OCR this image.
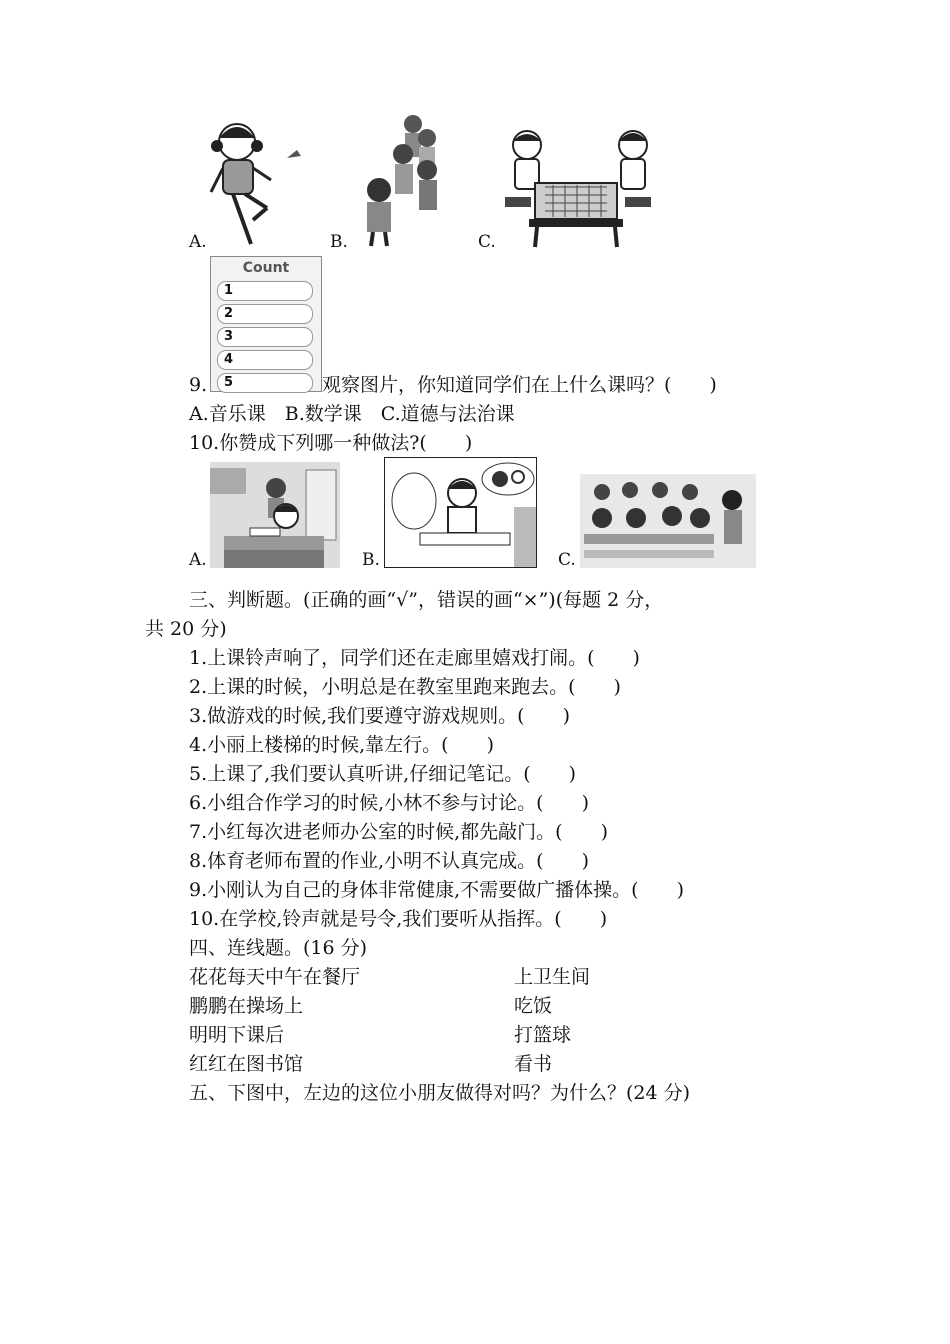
A.	B.	C.
Count
1
2
3
4
5
9.	观察图片，你知道同学们在上什么课吗？(　　)
A.音乐课　B.数学课　C.道德与法治课
10.你赞成下列哪一种做法?(　　)
A.	B.	C.
三、判断题。(正确的画“√”，错误的画“×”)(每题 2 分，
共 20 分)
1.上课铃声响了，同学们还在走廊里嬉戏打闹。(　　)
2.上课的时候，小明总是在教室里跑来跑去。(　　)
3.做游戏的时候,我们要遵守游戏规则。(　　)
4.小丽上楼梯的时候,靠左行。(　　)
5.上课了,我们要认真听讲,仔细记笔记。(　　)
6.小组合作学习的时候,小林不参与讨论。(　　)
7.小红每次进老师办公室的时候,都先敲门。(　　)
8.体育老师布置的作业,小明不认真完成。(　　)
9.小刚认为自己的身体非常健康,不需要做广播体操。(　　)
10.在学校,铃声就是号令,我们要听从指挥。(　　)
四、连线题。(16 分)
花花每天中午在餐厅	上卫生间
鹏鹏在操场上	吃饭
明明下课后	打篮球
红红在图书馆	看书
五、下图中，左边的这位小朋友做得对吗？为什么？(24 分)
